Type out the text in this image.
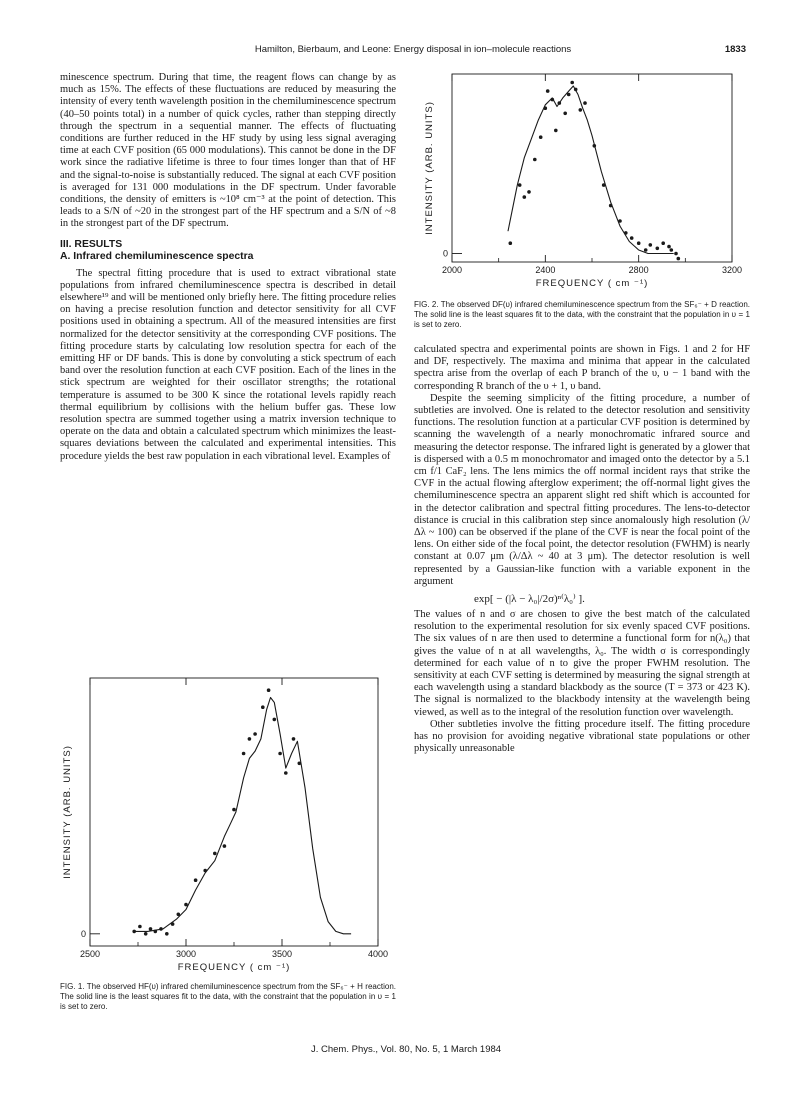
Hamilton, Bierbaum, and Leone: Energy disposal in ion–molecule reactions	1833

minescence spectrum. During that time, the reagent flows can change by as much as 15%. The effects of these fluctuations are reduced by measuring the intensity of every tenth wavelength position in the chemiluminescence spectrum (40–50 points total) in a number of quick cycles, rather than stepping directly through the spectrum in a sequential manner. The effects of fluctuating conditions are further reduced in the HF study by using less signal averaging time at each CVF position (65 000 modulations). This cannot be done in the DF work since the radiative lifetime is three to four times longer than that of HF and the signal-to-noise is substantially reduced. The signal at each CVF position is averaged for 131 000 modulations in the DF spectrum. Under favorable conditions, the density of emitters is ~10⁸ cm⁻³ at the point of detection. This leads to a S/N of ~20 in the strongest part of the HF spectrum and a S/N of ~8 in the strongest part of the DF spectrum.

III. RESULTS

A. Infrared chemiluminescence spectra

The spectral fitting procedure that is used to extract vibrational state populations from infrared chemiluminescence spectra is described in detail elsewhere¹⁹ and will be mentioned only briefly here. The fitting procedure relies on having a precise resolution function and detector sensitivity for all CVF positions used in obtaining a spectrum. All of the measured intensities are first normalized for the detector sensitivity at the corresponding CVF positions. The fitting procedure starts by calculating low resolution spectra for each of the emitting HF or DF bands. This is done by convoluting a stick spectrum of each band over the resolution function at each CVF position. Each of the lines in the stick spectrum are weighted for their oscillator strengths; the rotational temperature is assumed to be 300 K since the rotational levels rapidly reach thermal equilibrium by collisions with the helium buffer gas. These low resolution spectra are summed together using a matrix inversion technique to operate on the data and obtain a calculated spectrum which minimizes the least-squares deviations between the calculated and experimental intensities. This procedure yields the best raw population in each vibrational level. Examples of

0
2500	3000	3500	4000
FREQUENCY ( cm ⁻¹)
INTENSITY (ARB. UNITS)

FIG. 1. The observed HF(υ) infrared chemiluminescence spectrum from the SF₆⁻ + H reaction. The solid line is the least squares fit to the data, with the constraint that the population in υ = 1 is set to zero.

0
2000	2400	2800	3200
FREQUENCY ( cm ⁻¹)
INTENSITY (ARB. UNITS)

FIG. 2. The observed DF(υ) infrared chemiluminescence spectrum from the SF₆⁻ + D reaction. The solid line is the least squares fit to the data, with the constraint that the population in υ = 1 is set to zero.

calculated spectra and experimental points are shown in Figs. 1 and 2 for HF and DF, respectively. The maxima and minima that appear in the calculated spectra arise from the overlap of each P branch of the υ, υ − 1 band with the corresponding R branch of the υ + 1, υ band.

Despite the seeming simplicity of the fitting procedure, a number of subtleties are involved. One is related to the detector resolution and sensitivity functions. The resolution function at a particular CVF position is determined by scanning the wavelength of a nearly monochromatic infrared source and measuring the detector response. The infrared light is generated by a glower that is dispersed with a 0.5 m monochromator and imaged onto the detector by a 5.1 cm f/1 CaF₂ lens. The lens mimics the off normal incident rays that strike the CVF in the actual flowing afterglow experiment; the off-normal light gives the chemiluminescence spectra an apparent slight red shift which is accounted for in the detector calibration and spectral fitting procedures. The lens-to-detector distance is crucial in this calibration step since anomalously high resolution (λ/Δλ ~ 100) can be observed if the plane of the CVF is near the focal point of the lens. On either side of the focal point, the detector resolution (FWHM) is nearly constant at 0.07 μm (λ/Δλ ~ 40 at 3 μm). The detector resolution is well represented by a Gaussian-like function with a variable exponent in the argument

exp[ − (|λ − λ₀|/2σ)ⁿ⁽λ₀⁾ ].

The values of n and σ are chosen to give the best match of the calculated resolution to the experimental resolution for six evenly spaced CVF positions. The six values of n are then used to determine a functional form for n(λ₀) that gives the value of n at all wavelengths, λ₀. The width σ is correspondingly determined for each value of n to give the proper FWHM resolution. The sensitivity at each CVF setting is determined by measuring the signal strength at each wavelength using a standard blackbody as the source (T = 373 or 423 K). The signal is normalized to the blackbody intensity at the wavelength being viewed, as well as to the integral of the resolution function over wavelength.

Other subtleties involve the fitting procedure itself. The fitting procedure has no provision for avoiding negative vibrational state populations or other physically unreasonable

J. Chem. Phys., Vol. 80, No. 5, 1 March 1984
